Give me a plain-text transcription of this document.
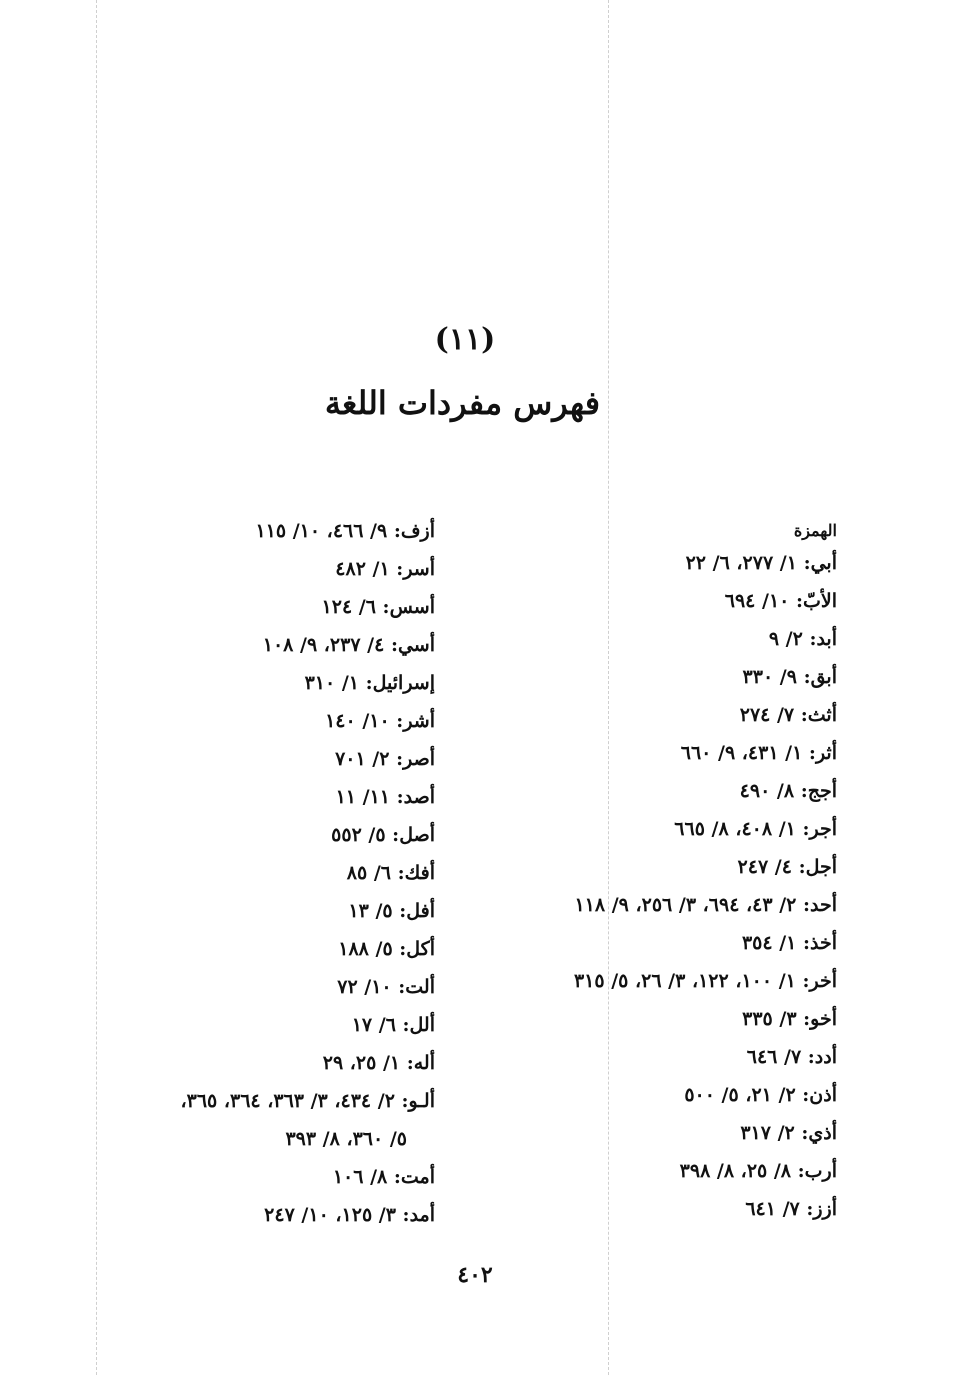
(١١)
فهرس مفردات اللغة
الهمزة
أبي: ١/ ٢٧٧، ٦/ ٢٢
الأبّ: ١٠/ ٦٩٤
أبد: ٢/ ٩
أبق: ٩/ ٣٣٠
أثث: ٧/ ٢٧٤
أثر: ١/ ٤٣١، ٩/ ٦٦٠
أجج: ٨/ ٤٩٠
أجر: ١/ ٤٠٨، ٨/ ٦٦٥
أجل: ٤/ ٢٤٧
أحد: ٢/ ٤٣، ٦٩٤، ٣/ ٢٥٦، ٩/ ١١٨
أخذ: ١/ ٣٥٤
أخر: ١/ ١٠٠، ١٢٢، ٣/ ٢٦، ٥/ ٣١٥
أخو: ٣/ ٣٣٥
أدد: ٧/ ٦٤٦
أذن: ٢/ ٢١، ٥/ ٥٠٠
أذي: ٢/ ٣١٧
أرب: ٨/ ٢٥، ٨/ ٣٩٨
أزز: ٧/ ٦٤١
أزف: ٩/ ٤٦٦، ١٠/ ١١٥
أسر: ١/ ٤٨٢
أسس: ٦/ ١٢٤
أسي: ٤/ ٢٣٧، ٩/ ١٠٨
إسرائيل: ١/ ٣١٠
أشر: ١٠/ ١٤٠
أصر: ٢/ ٧٠١
أصد: ١١/ ١١
أصل: ٥/ ٥٥٢
أفك: ٦/ ٨٥
أفل: ٥/ ١٣
أكل: ٥/ ١٨٨
ألت: ١٠/ ٧٢
ألل: ٦/ ١٧
أله: ١/ ٢٥، ٢٩
ألـو: ٢/ ٤٣٤، ٣/ ٣٦٣، ٣٦٤، ٣٦٥،
٥/ ٣٦٠، ٨/ ٣٩٣
أمت: ٨/ ١٠٦
أمد: ٣/ ١٢٥، ١٠/ ٢٤٧
٤٠٢
